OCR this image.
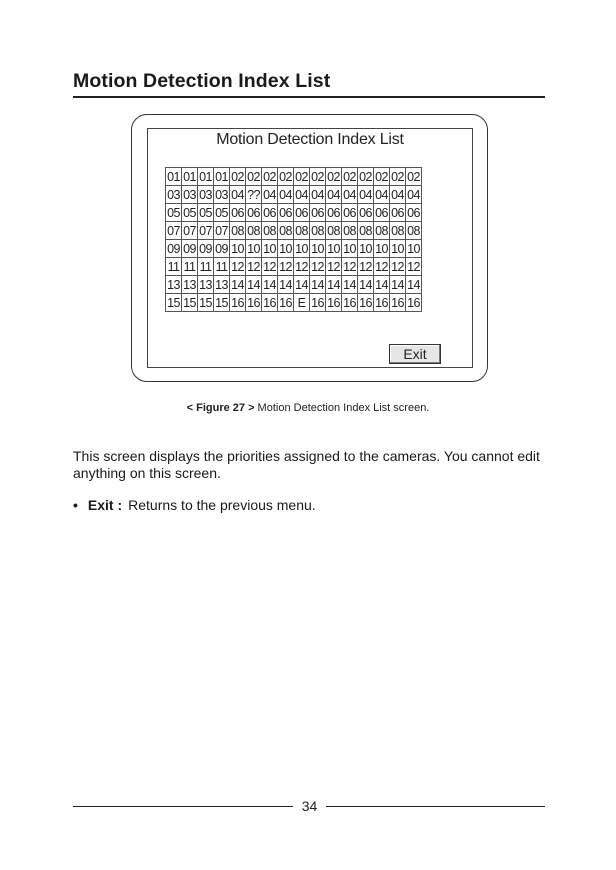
Motion Detection Index List
Motion Detection Index List
01	01	01	01	02	02	02	02	02	02	02	02	02	02	02	02
03	03	03	03	04	??	04	04	04	04	04	04	04	04	04	04
05	05	05	05	06	06	06	06	06	06	06	06	06	06	06	06
07	07	07	07	08	08	08	08	08	08	08	08	08	08	08	08
09	09	09	09	10	10	10	10	10	10	10	10	10	10	10	10
11	11	11	11	12	12	12	12	12	12	12	12	12	12	12	12
13	13	13	13	14	14	14	14	14	14	14	14	14	14	14	14
15	15	15	15	16	16	16	16	E	16	16	16	16	16	16	16
Exit
< Figure 27 > Motion Detection Index List screen.
This screen displays the priorities assigned to the cameras. You cannot edit anything on this screen.
• Exit : Returns to the previous menu.
34
